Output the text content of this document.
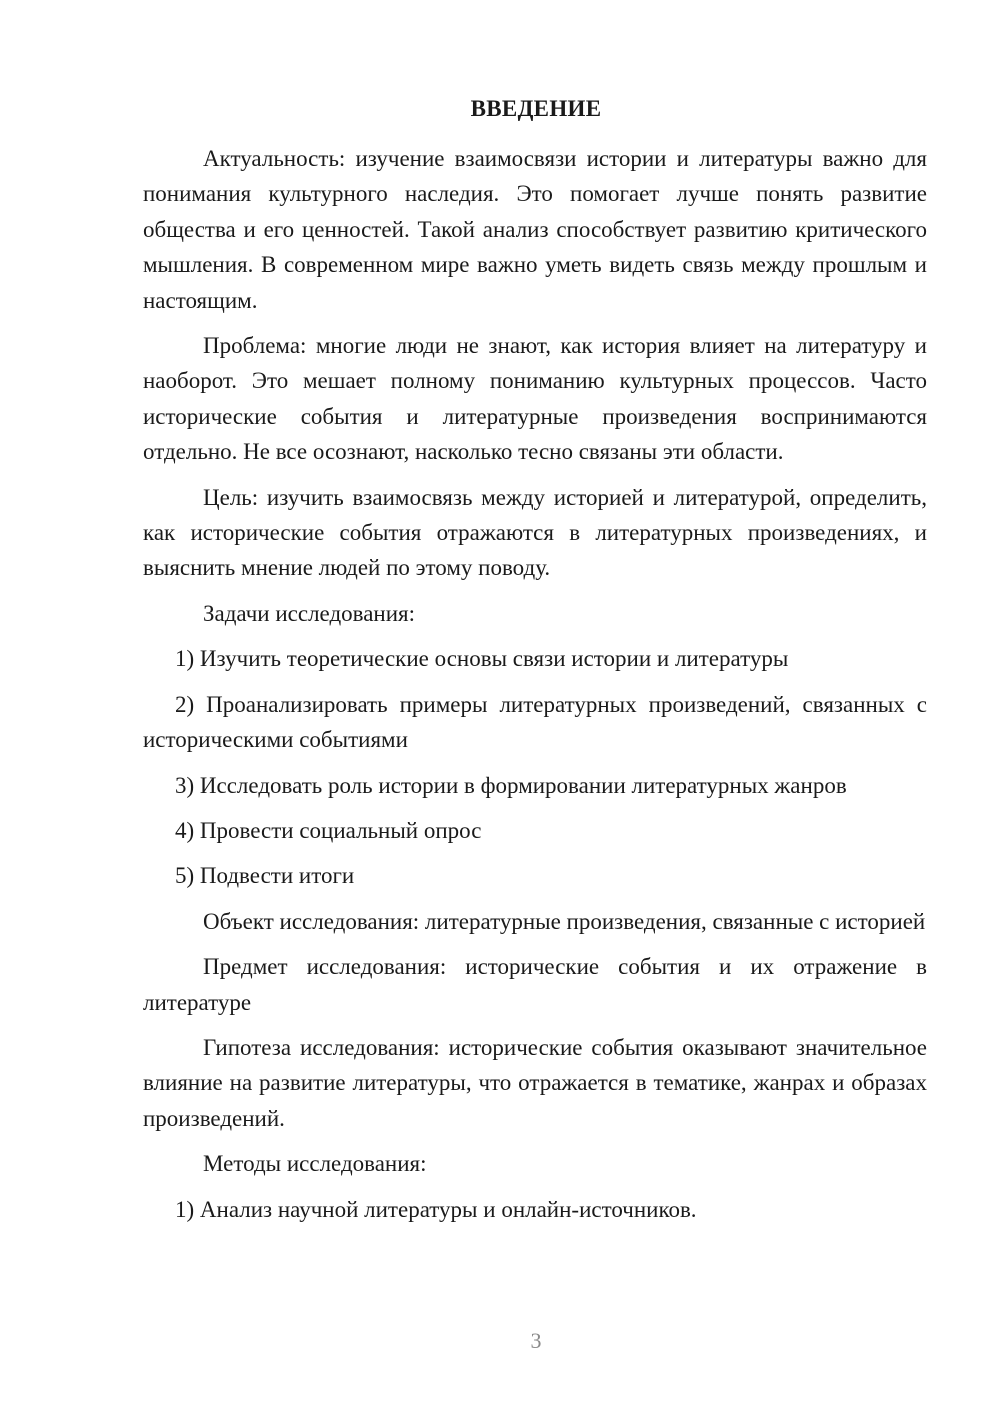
ВВЕДЕНИЕ

Актуальность: изучение взаимосвязи истории и литературы важно для понимания культурного наследия. Это помогает лучше понять развитие общества и его ценностей. Такой анализ способствует развитию критического мышления. В современном мире важно уметь видеть связь между прошлым и настоящим.

Проблема: многие люди не знают, как история влияет на литературу и наоборот. Это мешает полному пониманию культурных процессов. Часто исторические события и литературные произведения воспринимаются отдельно. Не все осознают, насколько тесно связаны эти области.

Цель: изучить взаимосвязь между историей и литературой, определить, как исторические события отражаются в литературных произведениях, и выяснить мнение людей по этому поводу.

Задачи исследования:

1) Изучить теоретические основы связи истории и литературы

2) Проанализировать примеры литературных произведений, связанных с историческими событиями

3) Исследовать роль истории в формировании литературных жанров

4) Провести социальный опрос

5) Подвести итоги

Объект исследования: литературные произведения, связанные с историей

Предмет исследования: исторические события и их отражение в литературе

Гипотеза исследования: исторические события оказывают значительное влияние на развитие литературы, что отражается в тематике, жанрах и образах произведений.

Методы исследования:

1) Анализ научной литературы и онлайн-источников.

3
